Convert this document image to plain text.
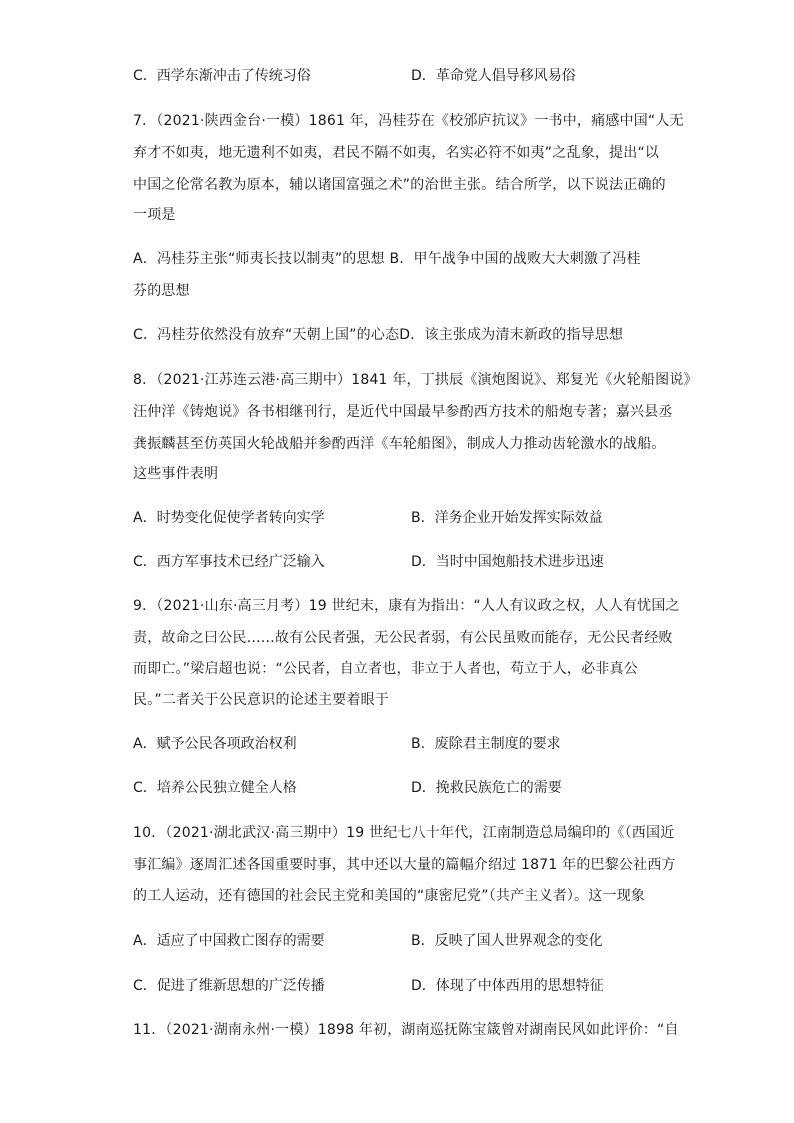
C．西学东渐冲击了传统习俗	D．革命党人倡导移风易俗
7．（2021·陕西金台·一模）1861 年，冯桂芬在《校邠庐抗议》一书中，痛感中国“人无
弃才不如夷，地无遗利不如夷，君民不隔不如夷，名实必符不如夷”之乱象，提出“以
中国之伦常名教为原本，辅以诸国富强之术”的治世主张。结合所学，以下说法正确的
一项是
A．冯桂芬主张“师夷长技以制夷”的思想 B．甲午战争中国的战败大大刺激了冯桂
芬的思想
C．冯桂芬依然没有放弃“天朝上国”的心态D．该主张成为清末新政的指导思想
8．（2021·江苏连云港·高三期中）1841 年，丁拱辰《演炮图说》、郑复光《火轮船图说》
汪仲洋《铸炮说》各书相继刊行，是近代中国最早参酌西方技术的船炮专著；嘉兴县丞
龚振麟甚至仿英国火轮战船并参酌西洋《车轮船图》，制成人力推动齿轮激水的战船。
这些事件表明
A．时势变化促使学者转向实学	B．洋务企业开始发挥实际效益
C．西方军事技术已经广泛输入	D．当时中国炮船技术进步迅速
9．（2021·山东·高三月考）19 世纪末，康有为指出：“人人有议政之权，人人有忧国之
责，故命之曰公民……故有公民者强，无公民者弱，有公民虽败而能存，无公民者经败
而即亡。”梁启超也说：“公民者，自立者也，非立于人者也，苟立于人，必非真公
民。”二者关于公民意识的论述主要着眼于
A．赋予公民各项政治权利	B．废除君主制度的要求
C．培养公民独立健全人格	D．挽救民族危亡的需要
10．（2021·湖北武汉·高三期中）19 世纪七八十年代，江南制造总局编印的《（西国近
事汇编》逐周汇述各国重要时事，其中还以大量的篇幅介绍过 1871 年的巴黎公社西方
的工人运动，还有德国的社会民主党和美国的“康密尼党”（共产主义者）。这一现象
A．适应了中国救亡图存的需要	B．反映了国人世界观念的变化
C．促进了维新思想的广泛传播	D．体现了中体西用的思想特征
11．（2021·湖南永州·一模）1898 年初，湖南巡抚陈宝箴曾对湖南民风如此评价：“自
